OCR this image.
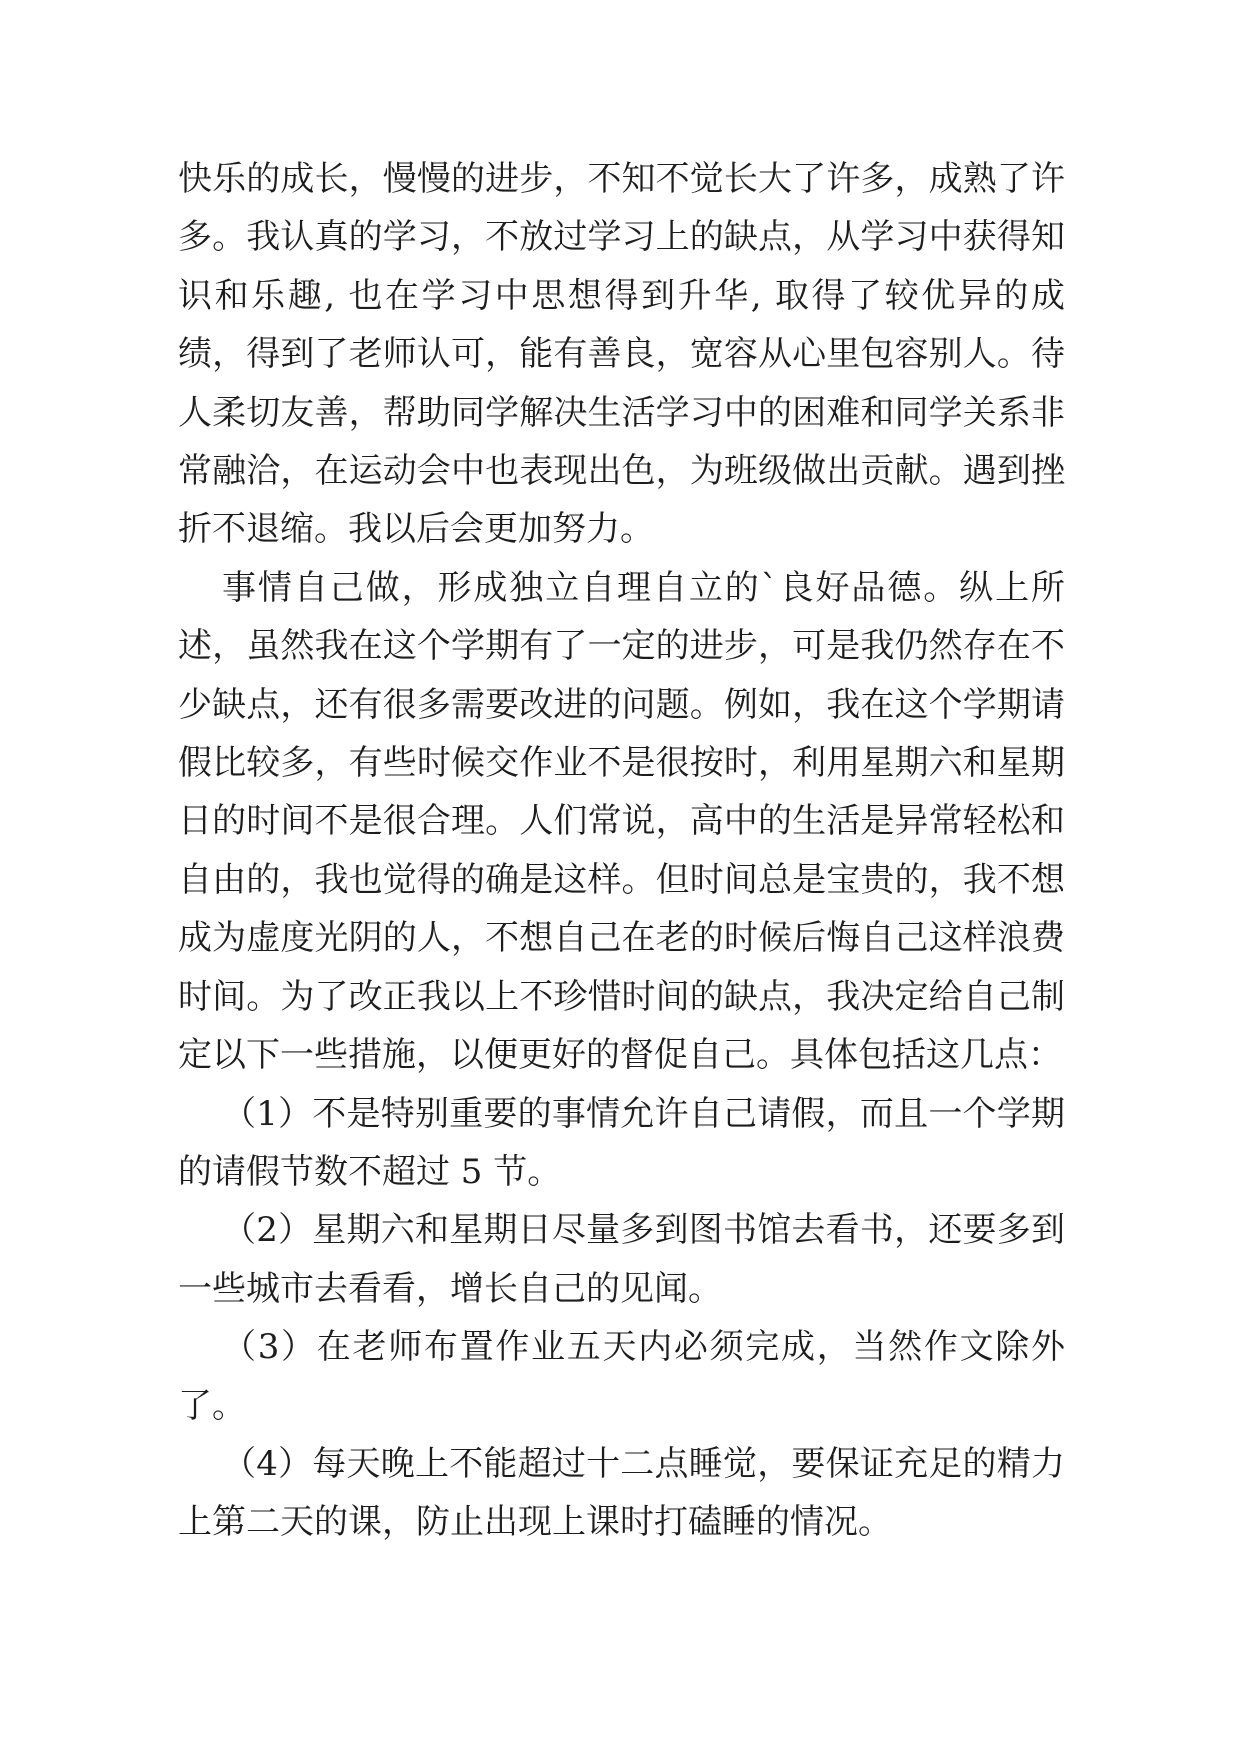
快乐的成长，慢慢的进步，不知不觉长大了许多，成熟了许多。我认真的学习，不放过学习上的缺点，从学习中获得知识和乐趣, 也在学习中思想得到升华, 取得了较优异的成绩，得到了老师认可，能有善良，宽容从心里包容别人。待人柔切友善，帮助同学解决生活学习中的困难和同学关系非常融洽，在运动会中也表现出色，为班级做出贡献。遇到挫折不退缩。我以后会更加努力。

事情自己做，形成独立自理自立的`良好品德。纵上所述，虽然我在这个学期有了一定的进步，可是我仍然存在不少缺点，还有很多需要改进的问题。例如，我在这个学期请假比较多，有些时候交作业不是很按时，利用星期六和星期日的时间不是很合理。人们常说，高中的生活是异常轻松和自由的，我也觉得的确是这样。但时间总是宝贵的，我不想成为虚度光阴的人，不想自己在老的时候后悔自己这样浪费时间。为了改正我以上不珍惜时间的缺点，我决定给自己制定以下一些措施，以便更好的督促自己。具体包括这几点：

（1）不是特别重要的事情允许自己请假，而且一个学期的请假节数不超过 5 节。

（2）星期六和星期日尽量多到图书馆去看书，还要多到一些城市去看看，增长自己的见闻。

（3）在老师布置作业五天内必须完成，当然作文除外了。

（4）每天晚上不能超过十二点睡觉，要保证充足的精力上第二天的课，防止出现上课时打磕睡的情况。
